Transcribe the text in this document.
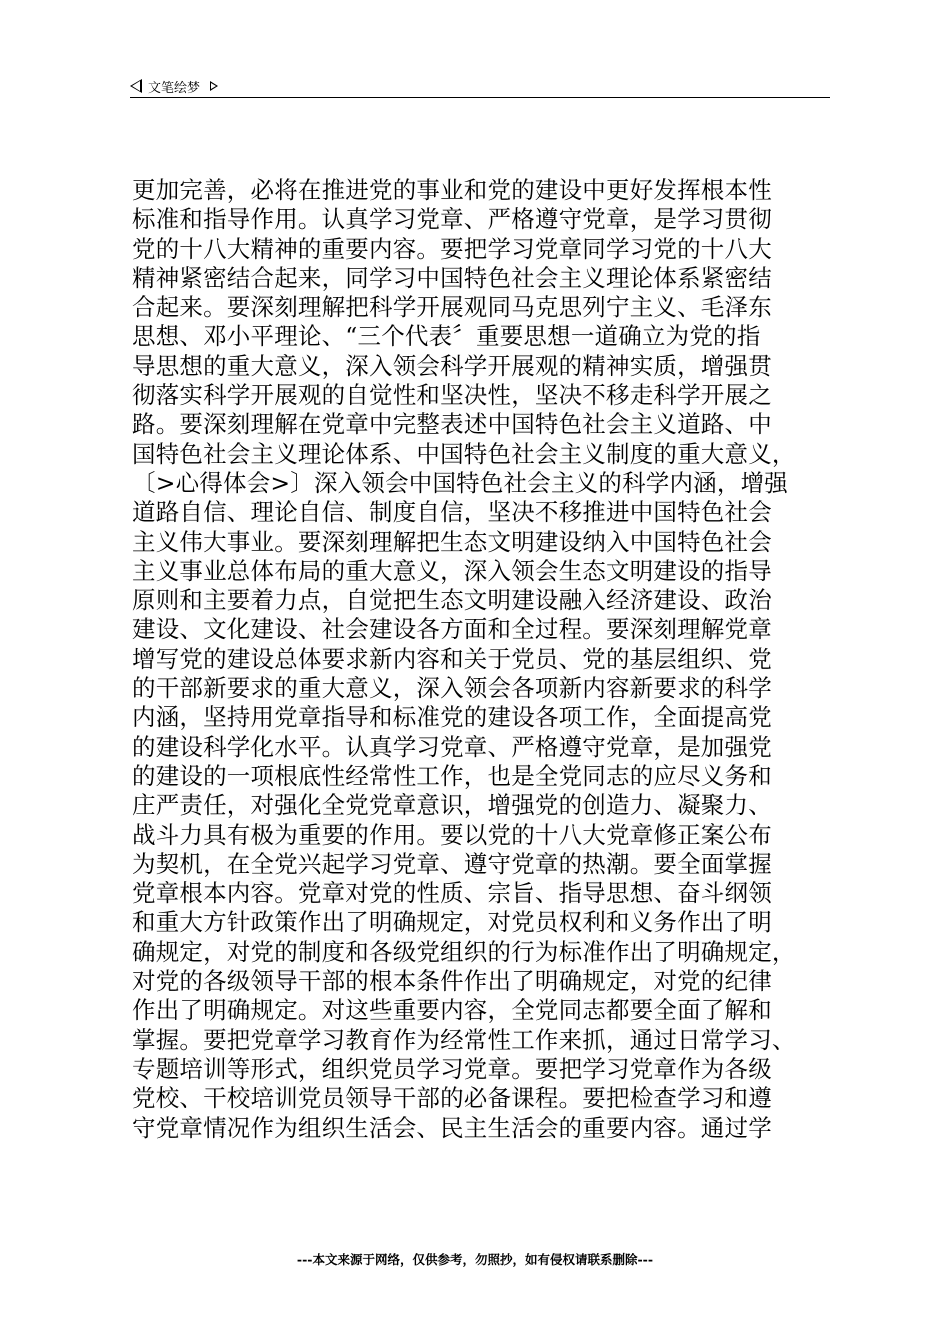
文笔绘梦
更加完善，必将在推进党的事业和党的建设中更好发挥根本性
标准和指导作用。认真学习党章、严格遵守党章，是学习贯彻
党的十八大精神的重要内容。要把学习党章同学习党的十八大
精神紧密结合起来，同学习中国特色社会主义理论体系紧密结
合起来。要深刻理解把科学开展观同马克思列宁主义、毛泽东
思想、邓小平理论、“三个代表〞重要思想一道确立为党的指
导思想的重大意义，深入领会科学开展观的精神实质，增强贯
彻落实科学开展观的自觉性和坚决性，坚决不移走科学开展之
路。要深刻理解在党章中完整表述中国特色社会主义道路、中
国特色社会主义理论体系、中国特色社会主义制度的重大意义，
〔>心得体会>〕深入领会中国特色社会主义的科学内涵，增强
道路自信、理论自信、制度自信，坚决不移推进中国特色社会
主义伟大事业。要深刻理解把生态文明建设纳入中国特色社会
主义事业总体布局的重大意义，深入领会生态文明建设的指导
原则和主要着力点，自觉把生态文明建设融入经济建设、政治
建设、文化建设、社会建设各方面和全过程。要深刻理解党章
增写党的建设总体要求新内容和关于党员、党的基层组织、党
的干部新要求的重大意义，深入领会各项新内容新要求的科学
内涵，坚持用党章指导和标准党的建设各项工作，全面提高党
的建设科学化水平。认真学习党章、严格遵守党章，是加强党
的建设的一项根底性经常性工作，也是全党同志的应尽义务和
庄严责任，对强化全党党章意识，增强党的创造力、凝聚力、
战斗力具有极为重要的作用。要以党的十八大党章修正案公布
为契机，在全党兴起学习党章、遵守党章的热潮。要全面掌握
党章根本内容。党章对党的性质、宗旨、指导思想、奋斗纲领
和重大方针政策作出了明确规定，对党员权利和义务作出了明
确规定，对党的制度和各级党组织的行为标准作出了明确规定，
对党的各级领导干部的根本条件作出了明确规定，对党的纪律
作出了明确规定。对这些重要内容，全党同志都要全面了解和
掌握。要把党章学习教育作为经常性工作来抓，通过日常学习、
专题培训等形式，组织党员学习党章。要把学习党章作为各级
党校、干校培训党员领导干部的必备课程。要把检查学习和遵
守党章情况作为组织生活会、民主生活会的重要内容。通过学
---本文来源于网络，仅供参考，勿照抄，如有侵权请联系删除---
